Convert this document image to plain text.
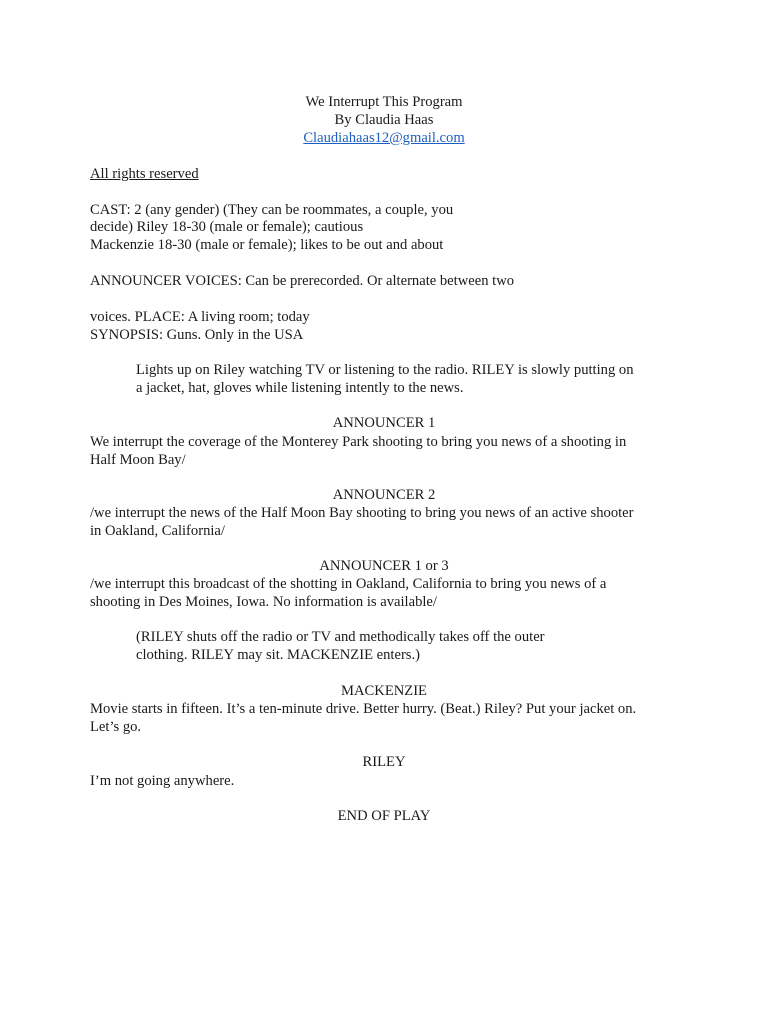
We Interrupt This Program
By Claudia Haas
Claudiahaas12@gmail.com
All rights reserved
CAST: 2 (any gender) (They can be roommates, a couple, you
decide) Riley 18-30 (male or female); cautious
Mackenzie 18-30 (male or female); likes to be out and about
ANNOUNCER VOICES: Can be prerecorded. Or alternate between two
voices. PLACE: A living room; today
SYNOPSIS: Guns. Only in the USA
Lights up on Riley watching TV or listening to the radio. RILEY is slowly putting on
a jacket, hat, gloves while listening intently to the news.
ANNOUNCER 1
We interrupt the coverage of the Monterey Park shooting to bring you news of a shooting in
Half Moon Bay/
ANNOUNCER 2
/we interrupt the news of the Half Moon Bay shooting to bring you news of an active shooter
in Oakland, California/
ANNOUNCER 1 or 3
/we interrupt this broadcast of the shotting in Oakland, California to bring you news of a
shooting in Des Moines, Iowa. No information is available/
(RILEY shuts off the radio or TV and methodically takes off the outer
clothing. RILEY may sit. MACKENZIE enters.)
MACKENZIE
Movie starts in fifteen. It’s a ten-minute drive. Better hurry. (Beat.) Riley? Put your jacket on.
Let’s go.
RILEY
I’m not going anywhere.
END OF PLAY
